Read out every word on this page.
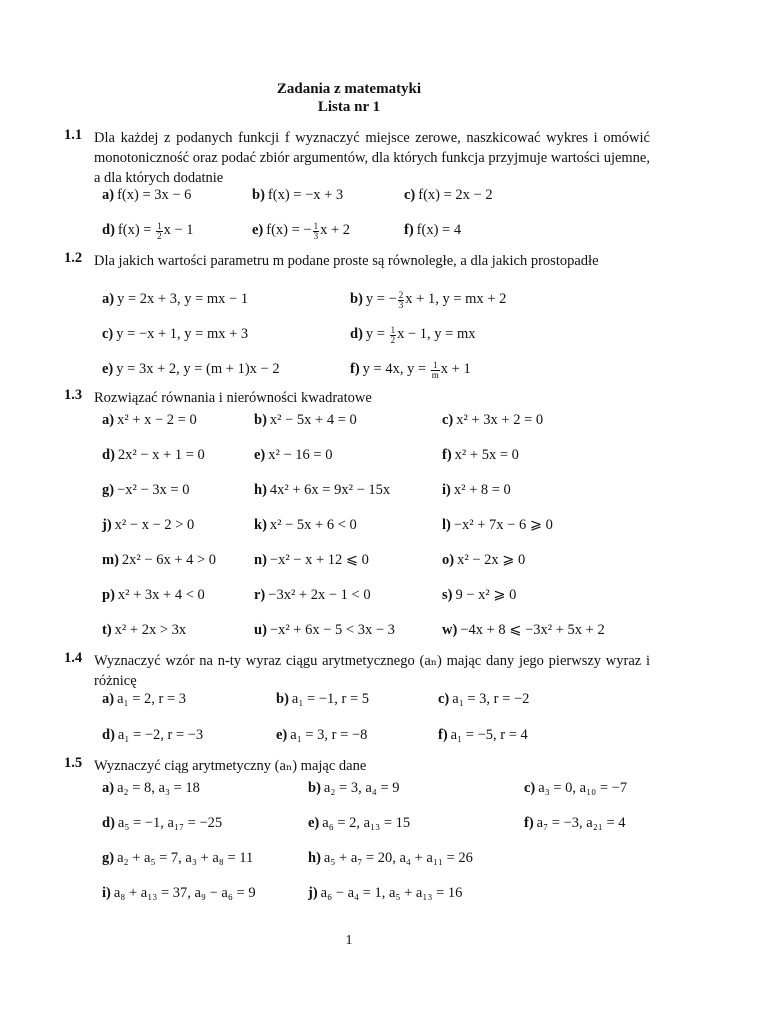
Zadania z matematyki
Lista nr 1
1.1 Dla każdej z podanych funkcji f wyznaczyć miejsce zerowe, naszkicować wykres i omówić monotoniczność oraz podać zbiór argumentów, dla których funkcja przyjmuje wartości ujemne, a dla których dodatnie
a) f(x) = 3x − 6	b) f(x) = −x + 3	c) f(x) = 2x − 2
d) $f(x) = \frac{1}{2}$ x − 1	e) f(x) = − $\frac{1}{3}$ x + 2	f) f(x) = 4
1.2 Dla jakich wartości parametru m podane proste są równoległe, a dla jakich prostopadłe
a) y = 2x + 3, y = mx − 1	b) y = − $\frac{2}{3}$ x + 1, y = mx + 2
c) y = −x + 1, y = mx + 3	d) $y = \frac{1}{2}$ x − 1, y = mx
e) y = 3x + 2, y = (m + 1)x − 2	f) y = 4x, $y = \frac{1}{m}$ x + 1
1.3 Rozwiązać równania i nierówności kwadratowe
a) x² + x − 2 = 0	b) x² − 5x + 4 = 0	c) x² + 3x + 2 = 0
d) 2x² − x + 1 = 0	e) x² − 16 = 0	f) x² + 5x = 0
g) −x² − 3x = 0	h) 4x² + 6x = 9x² − 15x	i) x² + 8 = 0
j) x² − x − 2 > 0	k) x² − 5x + 6 < 0	l) −x² + 7x − 6 ⩾ 0
m) 2x² − 6x + 4 > 0	n) −x² − x + 12 ⩽ 0	o) x² − 2x ⩾ 0
p) x² + 3x + 4 < 0	r) −3x² + 2x − 1 < 0	s) 9 − x² ⩾ 0
t) x² + 2x > 3x	u) −x² + 6x − 5 < 3x − 3	w) −4x + 8 ⩽ −3x² + 5x + 2
1.4 Wyznaczyć wzór na n-ty wyraz ciągu arytmetycznego (aₙ) mając dany jego pierwszy wyraz i różnicę
a) a₁ = 2, r = 3	b) a₁ = −1, r = 5	c) a₁ = 3, r = −2
d) a₁ = −2, r = −3	e) a₁ = 3, r = −8	f) a₁ = −5, r = 4
1.5 Wyznaczyć ciąg arytmetyczny (aₙ) mając dane
a) a₂ = 8, a₃ = 18	b) a₂ = 3, a₄ = 9	c) a₃ = 0, a₁₀ = −7
d) a₅ = −1, a₁₇ = −25	e) a₆ = 2, a₁₃ = 15	f) a₇ = −3, a₂₁ = 4
g) a₂ + a₅ = 7, a₃ + a₈ = 11	h) a₅ + a₇ = 20, a₄ + a₁₁ = 26
i) a₈ + a₁₃ = 37, a₉ − a₆ = 9	j) a₆ − a₄ = 1, a₅ + a₁₃ = 16
1
